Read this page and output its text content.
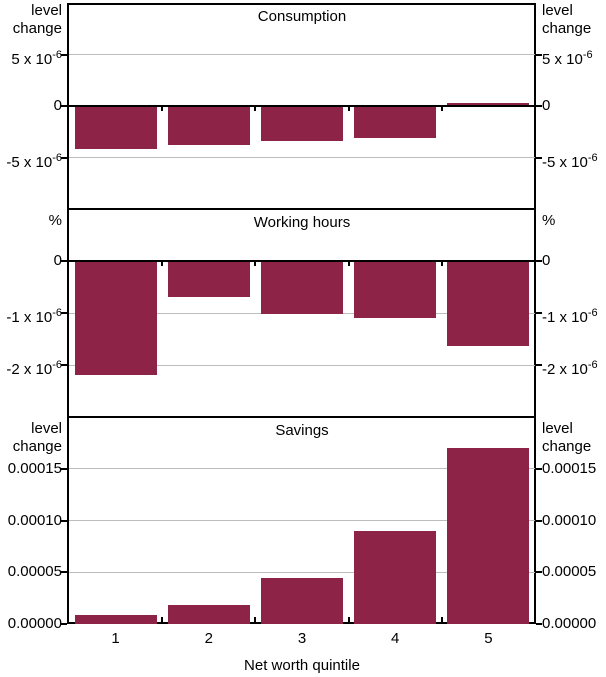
5 x $10^{-6}$	5 x $10^{-6}$
0	0
-5 x $10^{-6}$	-5 x $10^{-6}$
level
change
level
change
Consumption
0	0
-1 x $10^{-6}$	-1 x $10^{-6}$
-2 x $10^{-6}$	-2 x $10^{-6}$
%	%
Working hours
0.00015	0.00015
0.00010	0.00010
0.00005	0.00005
0.00000	0.00000
level
change
level
change
Savings
1	2	3	4	5
Net worth quintile
